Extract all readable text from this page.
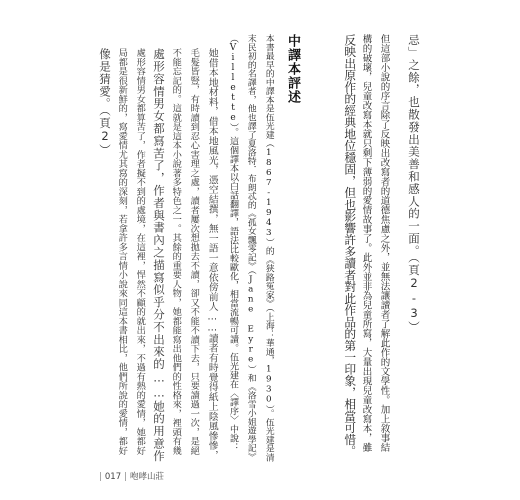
忌」之餘，也散發出美善和感人的一面。（頁2-3）
但這部小說的序言除了反映出改寫者的道德焦慮之外，並無法讓讀者了解此作的文學性。加上敘事結
構的破壞，兒童改寫本就只剩下薄弱的愛情故事了。此外並非為兒童所寫，大量出現兒童改寫本，雖
反映出原作的經典地位穩固，但也影響許多讀者對此作品的第一印象，相當可惜。
中譯本評述
本書最早的中譯本是伍光建（1867-1943）的《狭路冤家》（上海：華通，1930）。伍光建是清
末民初的名譯者，他也譯了夏洛特．布朗忒的《孤女飄零記》（Jane Eyre）和《洛雪小姐遊學記》
（Villette）。這個譯本以白話翻譯，語法比較歐化，相當流暢可讀。伍光建在〈譯序〉中說：
她借本地材料，借本地風光，憑空結撰，無一語一意依傍前人……讀者有時覺得紙上陰風慘慘，
毛髮皆豎，有時讀到忍心害理之處，讀者屢次想拋去不讀，卻又不能不讀下去，只要讀過一次，是絕
不能忘記的。這就是這本小說著多特色之一。其餘的重要人物，她都能寫出他們的性格來，裡頭有幾
處形容情男女都寫苦了，作者與書內之描寫似乎分不出來的……她的用意作
處形容情男女都算苦了，作者擬不到的處境，在這裡，悍然不顧的就出來，不過有熱的愛情，她都好
局都是很新鮮的，寫愛情尤其寫的深刻，若拿許多言情小說來同這本書相比，他們所說的愛情，都好
像是猜愛。（頁2）
| 017 | 咆哮山莊
